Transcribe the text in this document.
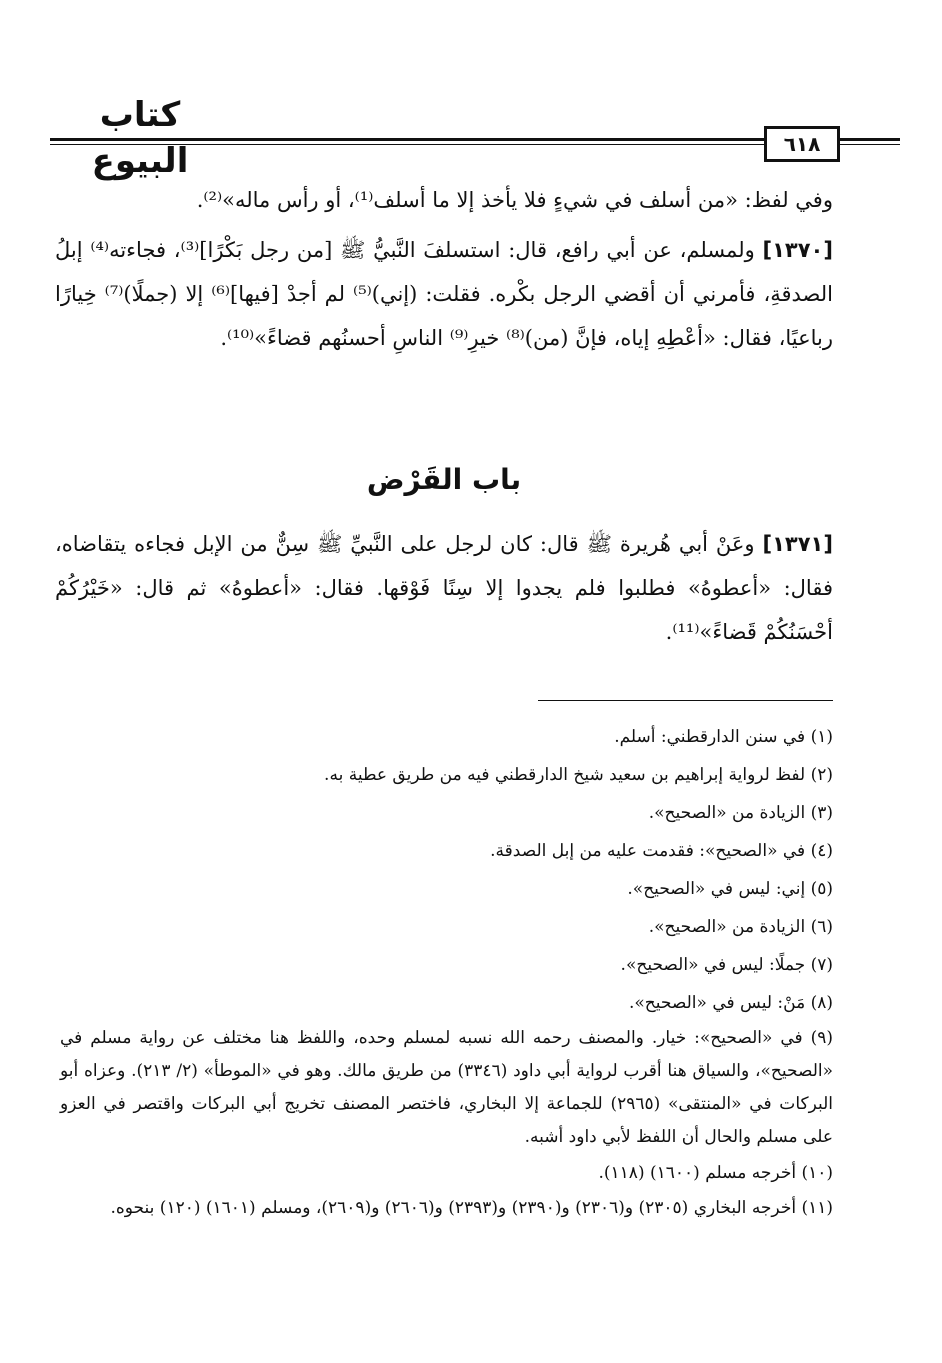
كتاب البيوع	٦١٨

وفي لفظ: «من أسلف في شيءٍ فلا يأخذ إلا ما أسلف⁽¹⁾، أو رأس ماله»⁽²⁾.

[١٣٧٠] ولمسلم، عن أبي رافع، قال: استسلفَ النَّبيُّ ﷺ [من رجل بَكْرًا]⁽³⁾، فجاءته⁽⁴⁾ إبلُ الصدقةِ، فأمرني أن أقضي الرجل بكْره. فقلت: (إني)⁽⁵⁾ لم أجدْ [فيها]⁽⁶⁾ إلا (جملًا)⁽⁷⁾ خِيارًا رباعيًا، فقال: «أعْطِهِ إياه، فإنَّ (من)⁽⁸⁾ خيرِ⁽⁹⁾ الناسِ أحسنُهم قضاءً»⁽¹⁰⁾.

باب القَرْض

[١٣٧١] وعَنْ أبي هُريرة ﷺ قال: كان لرجل على النَّبيِّ ﷺ سِنٌّ من الإبل فجاءه يتقاضاه، فقال: «أعطوهُ» فطلبوا فلم يجدوا إلا سِنًا فَوْقها. فقال: «أعطوهُ» ثم قال: «خَيْرُكُمْ أحْسَنُكُمْ قَضاءً»⁽¹¹⁾.

(١) في سنن الدارقطني: أسلم.

(٢) لفظ لرواية إبراهيم بن سعيد شيخ الدارقطني فيه من طريق عطية به.

(٣) الزيادة من «الصحيح».

(٤) في «الصحيح»: فقدمت عليه من إبل الصدقة.

(٥) إني: ليس في «الصحيح».

(٦) الزيادة من «الصحيح».

(٧) جملًا: ليس في «الصحيح».

(٨) مَنْ: ليس في «الصحيح».

(٩) في «الصحيح»: خيار. والمصنف رحمه الله نسبه لمسلم وحده، واللفظ هنا مختلف عن رواية مسلم في «الصحيح»، والسياق هنا أقرب لرواية أبي داود (٣٣٤٦) من طريق مالك. وهو في «الموطأ» (٢/ ٢١٣). وعزاه أبو البركات في «المنتقى» (٢٩٦٥) للجماعة إلا البخاري، فاختصر المصنف تخريج أبي البركات واقتصر في العزو على مسلم والحال أن اللفظ لأبي داود أشبه.

(١٠) أخرجه مسلم (١٦٠٠) (١١٨).

(١١) أخرجه البخاري (٢٣٠٥) و(٢٣٠٦) و(٢٣٩٠) و(٢٣٩٣) و(٢٦٠٦) و(٢٦٠٩)، ومسلم (١٦٠١) (١٢٠) بنحوه.
